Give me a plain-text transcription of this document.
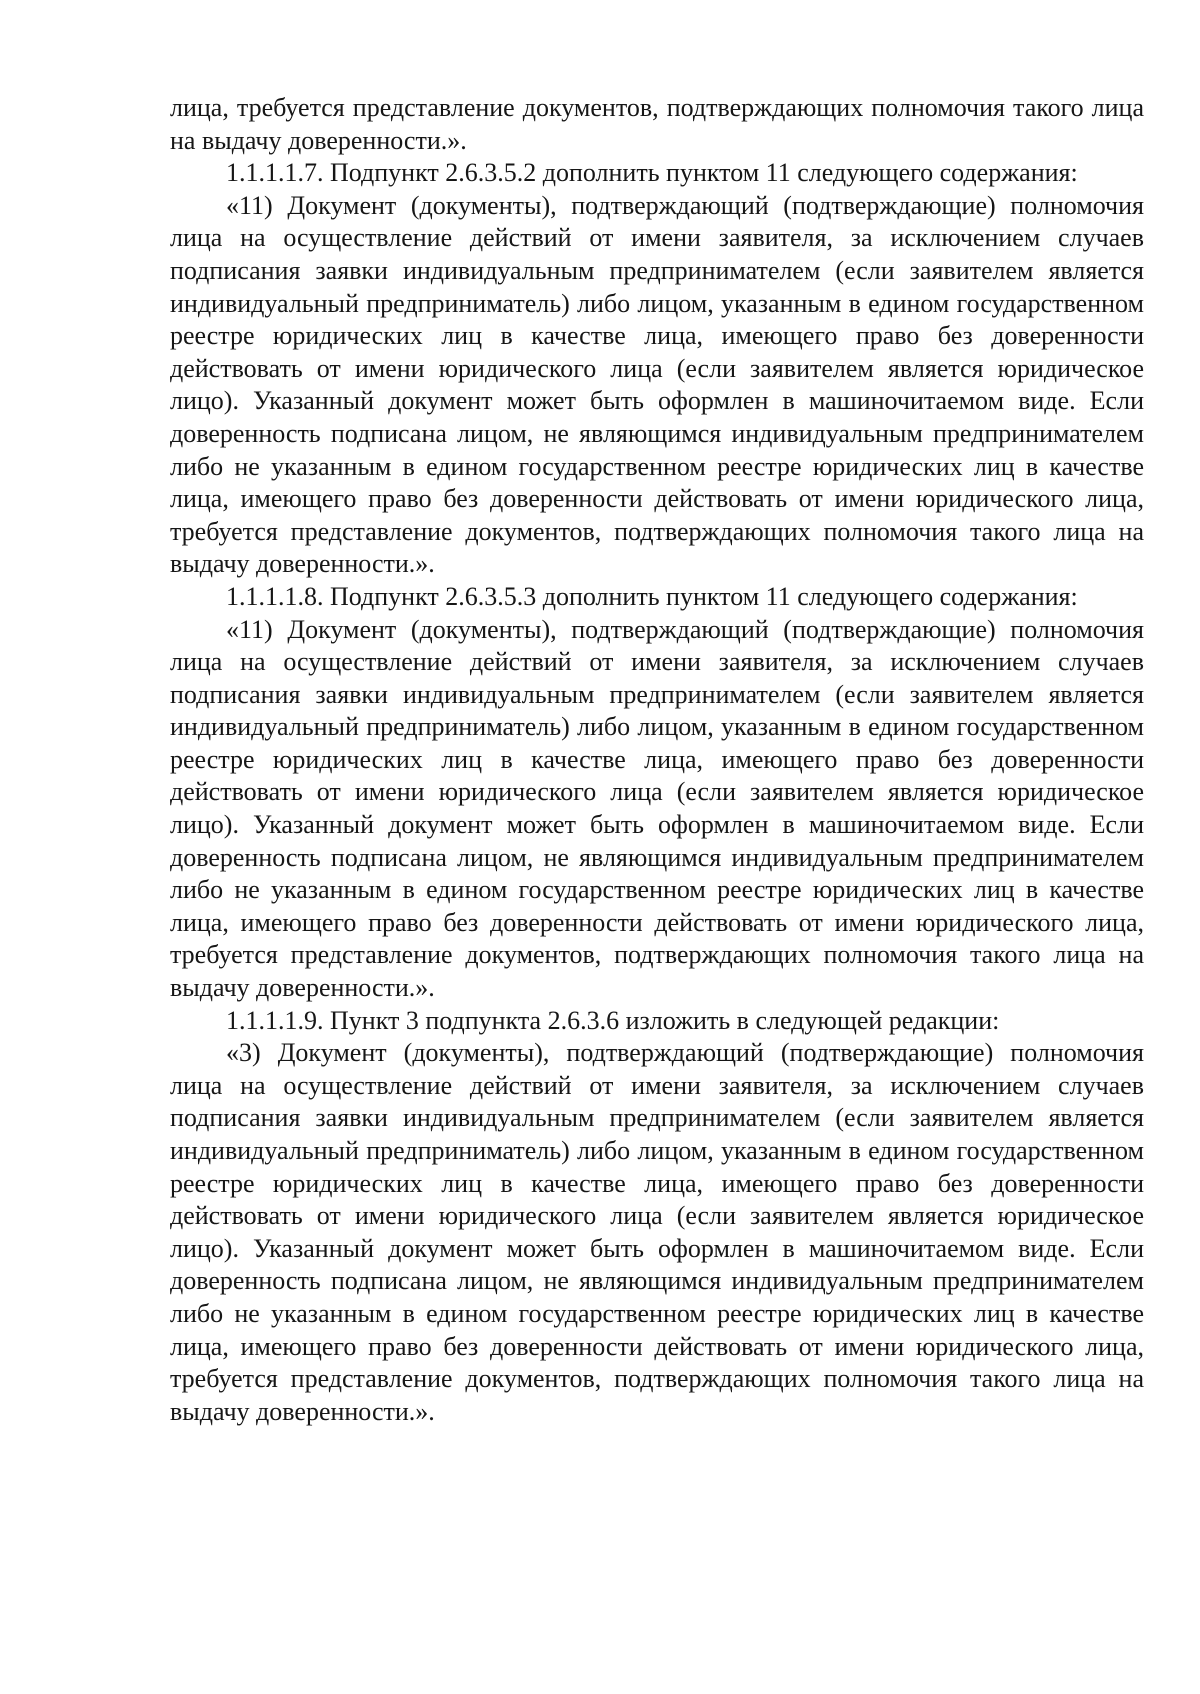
лица, требуется представление документов, подтверждающих полномочия такого лица на выдачу доверенности.».

1.1.1.1.7. Подпункт 2.6.3.5.2 дополнить пунктом 11 следующего содержания:

«11) Документ (документы), подтверждающий (подтверждающие) полномочия лица на осуществление действий от имени заявителя, за исключением случаев подписания заявки индивидуальным предпринимателем (если заявителем является индивидуальный предприниматель) либо лицом, указанным в едином государственном реестре юридических лиц в качестве лица, имеющего право без доверенности действовать от имени юридического лица (если заявителем является юридическое лицо). Указанный документ может быть оформлен в машиночитаемом виде. Если доверенность подписана лицом, не являющимся индивидуальным предпринимателем либо не указанным в едином государственном реестре юридических лиц в качестве лица, имеющего право без доверенности действовать от имени юридического лица, требуется представление документов, подтверждающих полномочия такого лица на выдачу доверенности.».

1.1.1.1.8. Подпункт 2.6.3.5.3 дополнить пунктом 11 следующего содержания:

«11) Документ (документы), подтверждающий (подтверждающие) полномочия лица на осуществление действий от имени заявителя, за исключением случаев подписания заявки индивидуальным предпринимателем (если заявителем является индивидуальный предприниматель) либо лицом, указанным в едином государственном реестре юридических лиц в качестве лица, имеющего право без доверенности действовать от имени юридического лица (если заявителем является юридическое лицо). Указанный документ может быть оформлен в машиночитаемом виде. Если доверенность подписана лицом, не являющимся индивидуальным предпринимателем либо не указанным в едином государственном реестре юридических лиц в качестве лица, имеющего право без доверенности действовать от имени юридического лица, требуется представление документов, подтверждающих полномочия такого лица на выдачу доверенности.».

1.1.1.1.9. Пункт 3 подпункта 2.6.3.6 изложить в следующей редакции:

«3) Документ (документы), подтверждающий (подтверждающие) полномочия лица на осуществление действий от имени заявителя, за исключением случаев подписания заявки индивидуальным предпринимателем (если заявителем является индивидуальный предприниматель) либо лицом, указанным в едином государственном реестре юридических лиц в качестве лица, имеющего право без доверенности действовать от имени юридического лица (если заявителем является юридическое лицо). Указанный документ может быть оформлен в машиночитаемом виде. Если доверенность подписана лицом, не являющимся индивидуальным предпринимателем либо не указанным в едином государственном реестре юридических лиц в качестве лица, имеющего право без доверенности действовать от имени юридического лица, требуется представление документов, подтверждающих полномочия такого лица на выдачу доверенности.».
